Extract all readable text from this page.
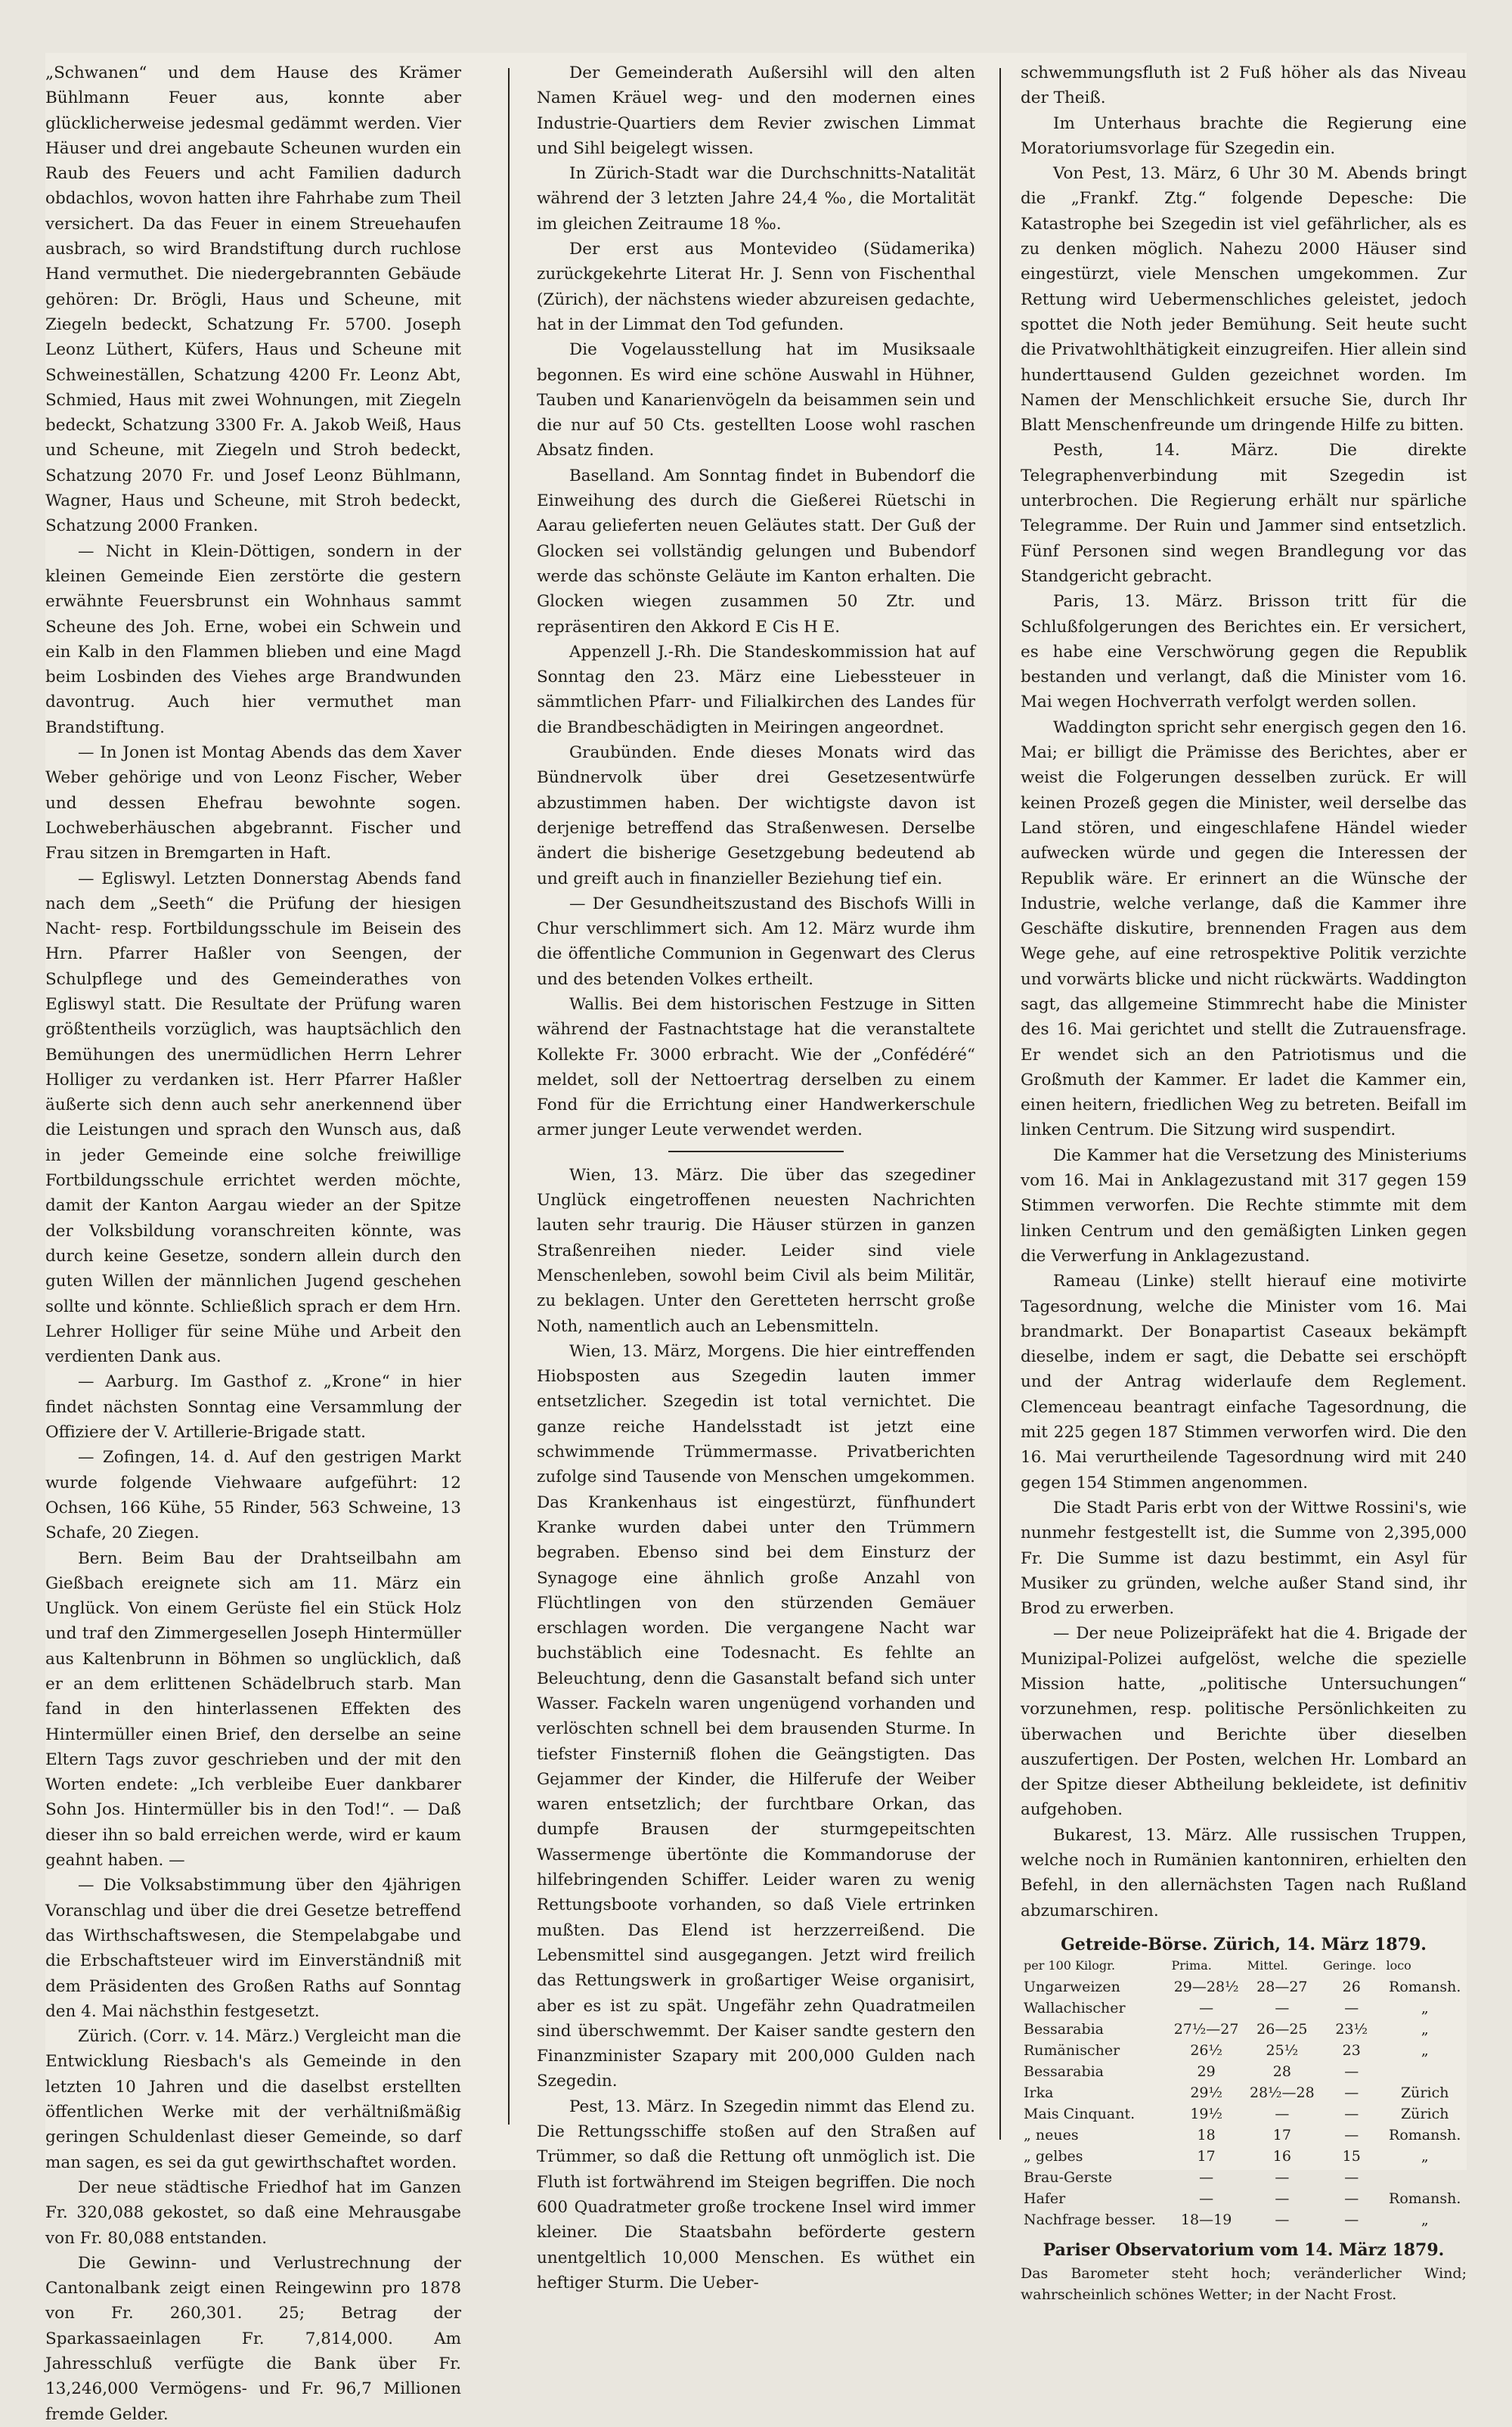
„Schwanen“ und dem Hause des Krämer Bühlmann Feuer aus, konnte aber glücklicherweise jedesmal gedämmt werden. Vier Häuser und drei angebaute Scheunen wurden ein Raub des Feuers und acht Familien dadurch obdachlos, wovon hatten ihre Fahrhabe zum Theil versichert. Da das Feuer in einem Streuehaufen ausbrach, so wird Brandstiftung durch ruchlose Hand vermuthet. Die niedergebrannten Gebäude gehören: Dr. Brögli, Haus und Scheune, mit Ziegeln bedeckt, Schatzung Fr. 5700. Joseph Leonz Lüthert, Küfers, Haus und Scheune mit Schweineställen, Schatzung 4200 Fr. Leonz Abt, Schmied, Haus mit zwei Wohnungen, mit Ziegeln bedeckt, Schatzung 3300 Fr. A. Jakob Weiß, Haus und Scheune, mit Ziegeln und Stroh bedeckt, Schatzung 2070 Fr. und Josef Leonz Bühlmann, Wagner, Haus und Scheune, mit Stroh bedeckt, Schatzung 2000 Franken.

— Nicht in Klein-Döttigen, sondern in der kleinen Gemeinde Eien zerstörte die gestern erwähnte Feuersbrunst ein Wohnhaus sammt Scheune des Joh. Erne, wobei ein Schwein und ein Kalb in den Flammen blieben und eine Magd beim Losbinden des Viehes arge Brandwunden davontrug. Auch hier vermuthet man Brandstiftung.

— In Jonen ist Montag Abends das dem Xaver Weber gehörige und von Leonz Fischer, Weber und dessen Ehefrau bewohnte sogen. Lochweberhäuschen abgebrannt. Fischer und Frau sitzen in Bremgarten in Haft.

— Egliswyl. Letzten Donnerstag Abends fand nach dem „Seeth“ die Prüfung der hiesigen Nacht- resp. Fortbildungsschule im Beisein des Hrn. Pfarrer Haßler von Seengen, der Schulpflege und des Gemeinderathes von Egliswyl statt. Die Resultate der Prüfung waren größtentheils vorzüglich, was hauptsächlich den Bemühungen des unermüdlichen Herrn Lehrer Holliger zu verdanken ist. Herr Pfarrer Haßler äußerte sich denn auch sehr anerkennend über die Leistungen und sprach den Wunsch aus, daß in jeder Gemeinde eine solche freiwillige Fortbildungsschule errichtet werden möchte, damit der Kanton Aargau wieder an der Spitze der Volksbildung voranschreiten könnte, was durch keine Gesetze, sondern allein durch den guten Willen der männlichen Jugend geschehen sollte und könnte. Schließlich sprach er dem Hrn. Lehrer Holliger für seine Mühe und Arbeit den verdienten Dank aus.

— Aarburg. Im Gasthof z. „Krone“ in hier findet nächsten Sonntag eine Versammlung der Offiziere der V. Artillerie-Brigade statt.

— Zofingen, 14. d. Auf den gestrigen Markt wurde folgende Viehwaare aufgeführt: 12 Ochsen, 166 Kühe, 55 Rinder, 563 Schweine, 13 Schafe, 20 Ziegen.

Bern. Beim Bau der Drahtseilbahn am Gießbach ereignete sich am 11. März ein Unglück. Von einem Gerüste fiel ein Stück Holz und traf den Zimmergesellen Joseph Hintermüller aus Kaltenbrunn in Böhmen so unglücklich, daß er an dem erlittenen Schädelbruch starb. Man fand in den hinterlassenen Effekten des Hintermüller einen Brief, den derselbe an seine Eltern Tags zuvor geschrieben und der mit den Worten endete: „Ich verbleibe Euer dankbarer Sohn Jos. Hintermüller bis in den Tod!“. — Daß dieser ihn so bald erreichen werde, wird er kaum geahnt haben. —

— Die Volksabstimmung über den 4jährigen Voranschlag und über die drei Gesetze betreffend das Wirthschaftswesen, die Stempelabgabe und die Erbschaftsteuer wird im Einverständniß mit dem Präsidenten des Großen Raths auf Sonntag den 4. Mai nächsthin festgesetzt.

Zürich. (Corr. v. 14. März.) Vergleicht man die Entwicklung Riesbach's als Gemeinde in den letzten 10 Jahren und die daselbst erstellten öffentlichen Werke mit der verhältnißmäßig geringen Schuldenlast dieser Gemeinde, so darf man sagen, es sei da gut gewirthschaftet worden.

Der neue städtische Friedhof hat im Ganzen Fr. 320,088 gekostet, so daß eine Mehrausgabe von Fr. 80,088 entstanden.

Die Gewinn- und Verlustrechnung der Cantonalbank zeigt einen Reingewinn pro 1878 von Fr. 260,301. 25; Betrag der Sparkassaeinlagen Fr. 7,814,000. Am Jahresschluß verfügte die Bank über Fr. 13,246,000 Vermögens- und Fr. 96,7 Millionen fremde Gelder.

Der Gemeinderath Außersihl will den alten Namen Kräuel weg- und den modernen eines Industrie-Quartiers dem Revier zwischen Limmat und Sihl beigelegt wissen.

In Zürich-Stadt war die Durchschnitts-Natalität während der 3 letzten Jahre 24,4 ‰, die Mortalität im gleichen Zeitraume 18 ‰.

Der erst aus Montevideo (Südamerika) zurückgekehrte Literat Hr. J. Senn von Fischenthal (Zürich), der nächstens wieder abzureisen gedachte, hat in der Limmat den Tod gefunden.

Die Vogelausstellung hat im Musiksaale begonnen. Es wird eine schöne Auswahl in Hühner, Tauben und Kanarienvögeln da beisammen sein und die nur auf 50 Cts. gestellten Loose wohl raschen Absatz finden.

Baselland. Am Sonntag findet in Bubendorf die Einweihung des durch die Gießerei Rüetschi in Aarau gelieferten neuen Geläutes statt. Der Guß der Glocken sei vollständig gelungen und Bubendorf werde das schönste Geläute im Kanton erhalten. Die Glocken wiegen zusammen 50 Ztr. und repräsentiren den Akkord E Cis H E.

Appenzell J.-Rh. Die Standeskommission hat auf Sonntag den 23. März eine Liebessteuer in sämmtlichen Pfarr- und Filialkirchen des Landes für die Brandbeschädigten in Meiringen angeordnet.

Graubünden. Ende dieses Monats wird das Bündnervolk über drei Gesetzesentwürfe abzustimmen haben. Der wichtigste davon ist derjenige betreffend das Straßenwesen. Derselbe ändert die bisherige Gesetzgebung bedeutend ab und greift auch in finanzieller Beziehung tief ein.

— Der Gesundheitszustand des Bischofs Willi in Chur verschlimmert sich. Am 12. März wurde ihm die öffentliche Communion in Gegenwart des Clerus und des betenden Volkes ertheilt.

Wallis. Bei dem historischen Festzuge in Sitten während der Fastnachtstage hat die veranstaltete Kollekte Fr. 3000 erbracht. Wie der „Confédéré“ meldet, soll der Nettoertrag derselben zu einem Fond für die Errichtung einer Handwerkerschule armer junger Leute verwendet werden.

Wien, 13. März. Die über das szegediner Unglück eingetroffenen neuesten Nachrichten lauten sehr traurig. Die Häuser stürzen in ganzen Straßenreihen nieder. Leider sind viele Menschenleben, sowohl beim Civil als beim Militär, zu beklagen. Unter den Geretteten herrscht große Noth, namentlich auch an Lebensmitteln.

Wien, 13. März, Morgens. Die hier eintreffenden Hiobsposten aus Szegedin lauten immer entsetzlicher. Szegedin ist total vernichtet. Die ganze reiche Handelsstadt ist jetzt eine schwimmende Trümmermasse. Privatberichten zufolge sind Tausende von Menschen umgekommen. Das Krankenhaus ist eingestürzt, fünfhundert Kranke wurden dabei unter den Trümmern begraben. Ebenso sind bei dem Einsturz der Synagoge eine ähnlich große Anzahl von Flüchtlingen von den stürzenden Gemäuer erschlagen worden. Die vergangene Nacht war buchstäblich eine Todesnacht. Es fehlte an Beleuchtung, denn die Gasanstalt befand sich unter Wasser. Fackeln waren ungenügend vorhanden und verlöschten schnell bei dem brausenden Sturme. In tiefster Finsterniß flohen die Geängstigten. Das Gejammer der Kinder, die Hilferufe der Weiber waren entsetzlich; der furchtbare Orkan, das dumpfe Brausen der sturmgepeitschten Wassermenge übertönte die Kommandoruse der hilfebringenden Schiffer. Leider waren zu wenig Rettungsboote vorhanden, so daß Viele ertrinken mußten. Das Elend ist herzzerreißend. Die Lebensmittel sind ausgegangen. Jetzt wird freilich das Rettungswerk in großartiger Weise organisirt, aber es ist zu spät. Ungefähr zehn Quadratmeilen sind überschwemmt. Der Kaiser sandte gestern den Finanzminister Szapary mit 200,000 Gulden nach Szegedin.

Pest, 13. März. In Szegedin nimmt das Elend zu. Die Rettungsschiffe stoßen auf den Straßen auf Trümmer, so daß die Rettung oft unmöglich ist. Die Fluth ist fortwährend im Steigen begriffen. Die noch 600 Quadratmeter große trockene Insel wird immer kleiner. Die Staatsbahn beförderte gestern unentgeltlich 10,000 Menschen. Es wüthet ein heftiger Sturm. Die Ueber-

schwemmungsfluth ist 2 Fuß höher als das Niveau der Theiß.

Im Unterhaus brachte die Regierung eine Moratoriumsvorlage für Szegedin ein.

Von Pest, 13. März, 6 Uhr 30 M. Abends bringt die „Frankf. Ztg.“ folgende Depesche: Die Katastrophe bei Szegedin ist viel gefährlicher, als es zu denken möglich. Nahezu 2000 Häuser sind eingestürzt, viele Menschen umgekommen. Zur Rettung wird Uebermenschliches geleistet, jedoch spottet die Noth jeder Bemühung. Seit heute sucht die Privatwohlthätigkeit einzugreifen. Hier allein sind hunderttausend Gulden gezeichnet worden. Im Namen der Menschlichkeit ersuche Sie, durch Ihr Blatt Menschenfreunde um dringende Hilfe zu bitten.

Pesth, 14. März. Die direkte Telegraphenverbindung mit Szegedin ist unterbrochen. Die Regierung erhält nur spärliche Telegramme. Der Ruin und Jammer sind entsetzlich. Fünf Personen sind wegen Brandlegung vor das Standgericht gebracht.

Paris, 13. März. Brisson tritt für die Schlußfolgerungen des Berichtes ein. Er versichert, es habe eine Verschwörung gegen die Republik bestanden und verlangt, daß die Minister vom 16. Mai wegen Hochverrath verfolgt werden sollen.

Waddington spricht sehr energisch gegen den 16. Mai; er billigt die Prämisse des Berichtes, aber er weist die Folgerungen desselben zurück. Er will keinen Prozeß gegen die Minister, weil derselbe das Land stören, und eingeschlafene Händel wieder aufwecken würde und gegen die Interessen der Republik wäre. Er erinnert an die Wünsche der Industrie, welche verlange, daß die Kammer ihre Geschäfte diskutire, brennenden Fragen aus dem Wege gehe, auf eine retrospektive Politik verzichte und vorwärts blicke und nicht rückwärts. Waddington sagt, das allgemeine Stimmrecht habe die Minister des 16. Mai gerichtet und stellt die Zutrauensfrage. Er wendet sich an den Patriotismus und die Großmuth der Kammer. Er ladet die Kammer ein, einen heitern, friedlichen Weg zu betreten. Beifall im linken Centrum. Die Sitzung wird suspendirt.

Die Kammer hat die Versetzung des Ministeriums vom 16. Mai in Anklagezustand mit 317 gegen 159 Stimmen verworfen. Die Rechte stimmte mit dem linken Centrum und den gemäßigten Linken gegen die Verwerfung in Anklagezustand.

Rameau (Linke) stellt hierauf eine motivirte Tagesordnung, welche die Minister vom 16. Mai brandmarkt. Der Bonapartist Caseaux bekämpft dieselbe, indem er sagt, die Debatte sei erschöpft und der Antrag widerlaufe dem Reglement. Clemenceau beantragt einfache Tagesordnung, die mit 225 gegen 187 Stimmen verworfen wird. Die den 16. Mai verurtheilende Tagesordnung wird mit 240 gegen 154 Stimmen angenommen.

Die Stadt Paris erbt von der Wittwe Rossini's, wie nunmehr festgestellt ist, die Summe von 2,395,000 Fr. Die Summe ist dazu bestimmt, ein Asyl für Musiker zu gründen, welche außer Stand sind, ihr Brod zu erwerben.

— Der neue Polizeipräfekt hat die 4. Brigade der Munizipal-Polizei aufgelöst, welche die spezielle Mission hatte, „politische Untersuchungen“ vorzunehmen, resp. politische Persönlichkeiten zu überwachen und Berichte über dieselben auszufertigen. Der Posten, welchen Hr. Lombard an der Spitze dieser Abtheilung bekleidete, ist definitiv aufgehoben.

Bukarest, 13. März. Alle russischen Truppen, welche noch in Rumänien kantonniren, erhielten den Befehl, in den allernächsten Tagen nach Rußland abzumarschiren.

Getreide-Börse. Zürich, 14. März 1879.
per 100 Kilogr.	Prima.	Mittel.	Geringe.	loco
Ungarweizen	29—28½	28—27	26	Romansh.
Wallachischer	—	—	—	„
Bessarabia	27½—27	26—25	23½	„
Rumänischer	26½	25½	23	„
Bessarabia	29	28	—	
Irka	29½	28½—28	—	Zürich
Mais Cinquant.	19½	—	—	Zürich
„ neues	18	17	—	Romansh.
„ gelbes	17	16	15	„
Brau-Gerste	—	—	—	
Hafer	—	—	—	Romansh.
Nachfrage besser.	18—19	—	—	„
Pariser Observatorium vom 14. März 1879.
Das Barometer steht hoch; veränderlicher Wind; wahrscheinlich schönes Wetter; in der Nacht Frost.
